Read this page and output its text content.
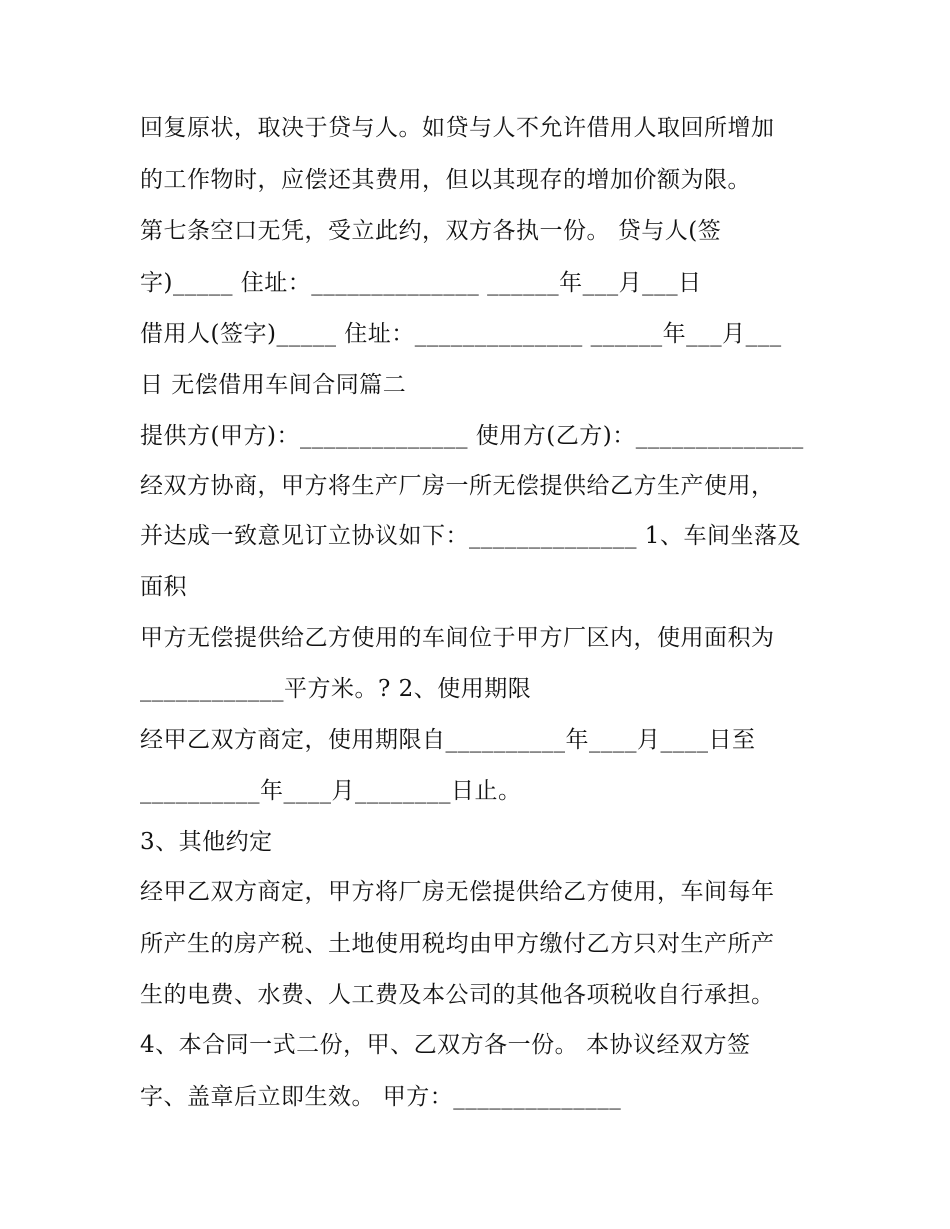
回复原状，取决于贷与人。如贷与人不允许借用人取回所增加
的工作物时，应偿还其费用，但以其现存的增加价额为限。
第七条空口无凭，受立此约，双方各执一份。 贷与人(签
字)_____ 住址：______________ ______年___月___日
借用人(签字)_____ 住址：______________ ______年___月___
日 无偿借用车间合同篇二
提供方(甲方)：______________ 使用方(乙方)：______________
经双方协商，甲方将生产厂房一所无偿提供给乙方生产使用，
并达成一致意见订立协议如下：______________ 1、车间坐落及
面积
甲方无偿提供给乙方使用的车间位于甲方厂区内，使用面积为
____________平方米。? 2、使用期限
经甲乙双方商定，使用期限自__________年____月____日至
__________年____月________日止。
3、其他约定
经甲乙双方商定，甲方将厂房无偿提供给乙方使用，车间每年
所产生的房产税、土地使用税均由甲方缴付乙方只对生产所产
生的电费、水费、人工费及本公司的其他各项税收自行承担。
4、本合同一式二份，甲、乙双方各一份。 本协议经双方签
字、盖章后立即生效。 甲方：______________
